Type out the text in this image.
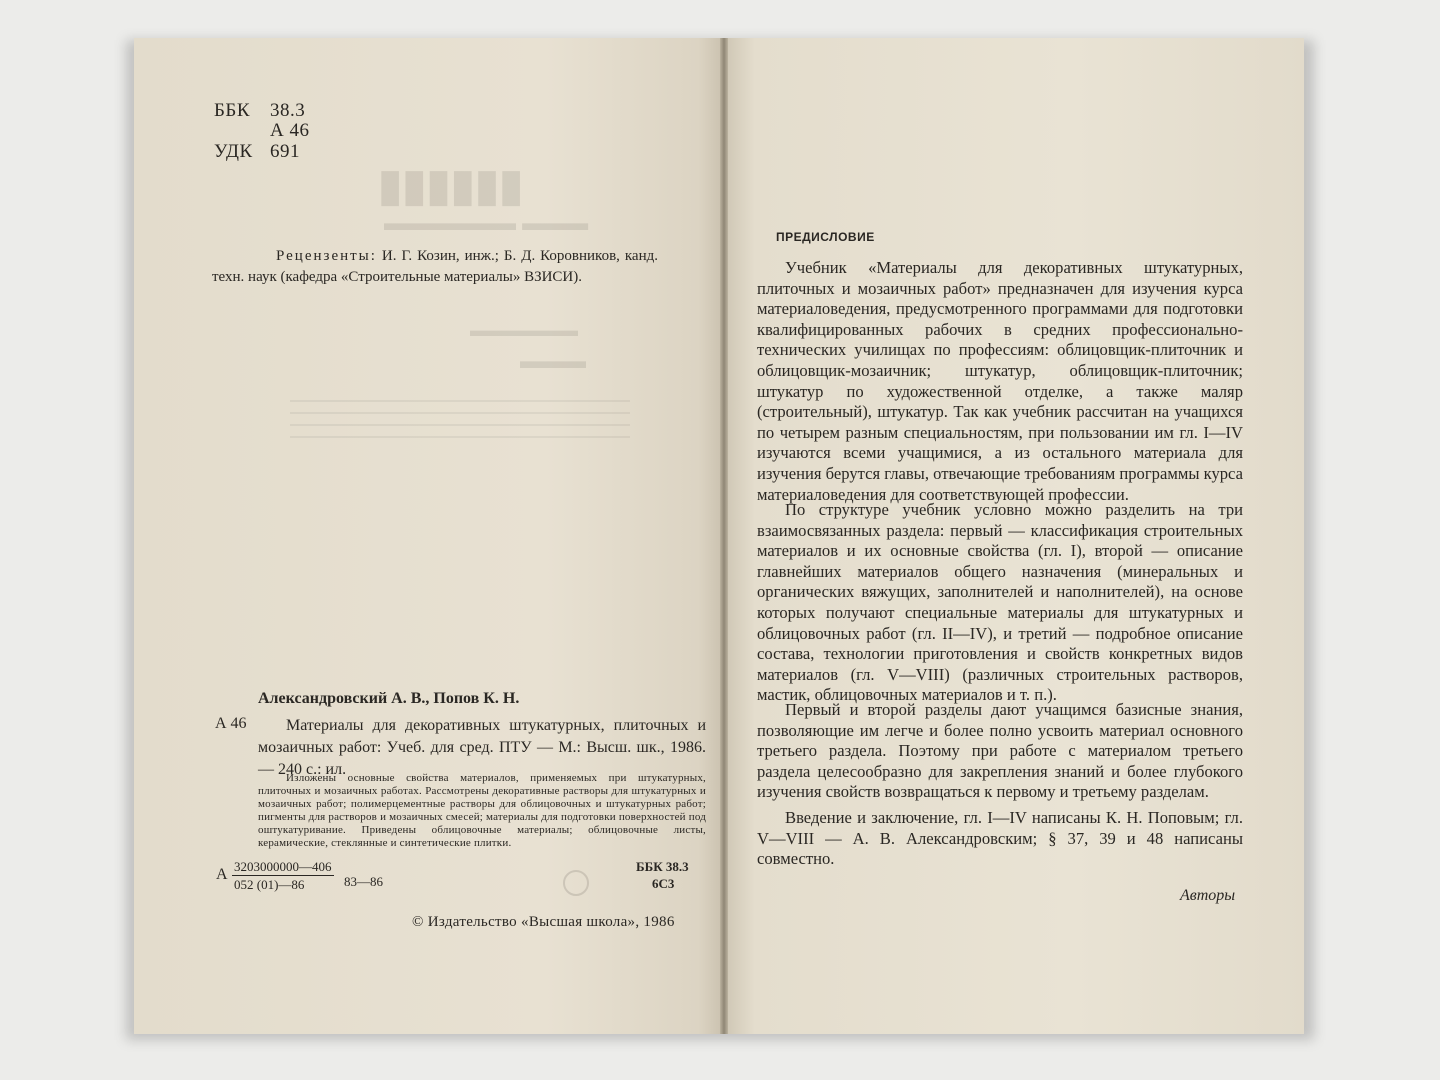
▮▮▮▮▮▮
▬▬▬ ▬▬▬▬▬▬
▬▬▬▬▬▬
▬▬▬
ББК 38.3
А 46
УДК 691
Рецензенты: И. Г. Козин, инж.; Б. Д. Коровников, канд. техн. наук (кафедра «Строительные материалы» ВЗИСИ).
Александровский А. В., Попов К. Н.
А 46	Материалы для декоративных штукатурных, плиточных и мозаичных работ: Учеб. для сред. ПТУ — М.: Высш. шк., 1986.— 240 с.: ил.
Изложены основные свойства материалов, применяемых при штукатурных, плиточных и мозаичных работах. Рассмотрены декоративные растворы для штукатурных и мозаичных работ; полимерцементные растворы для облицовочных и штукатурных работ; пигменты для растворов и мозаичных смесей; материалы для подготовки поверхностей под оштукатуривание. Приведены облицовочные материалы; облицовочные листы, керамические, стеклянные и синтетические плитки.
А $\frac{3203000000—406}{052 (01)—86}$ 83—86
ББК 38.3
6С3
© Издательство «Высшая школа», 1986
ПРЕДИСЛОВИЕ

Учебник «Материалы для декоративных штукатурных, плиточных и мозаичных работ» предназначен для изучения курса материаловедения, предусмотренного программами для подготовки квалифицированных рабочих в средних профессионально-технических училищах по профессиям: облицовщик-плиточник и облицовщик-мозаичник; штукатур, облицовщик-плиточник; штукатур по художественной отделке, а также маляр (строительный), штукатур. Так как учебник рассчитан на учащихся по четырем разным специальностям, при пользовании им гл. I—IV изучаются всеми учащимися, а из остального материала для изучения берутся главы, отвечающие требованиям программы курса материаловедения для соответствующей профессии.

По структуре учебник условно можно разделить на три взаимосвязанных раздела: первый — классификация строительных материалов и их основные свойства (гл. I), второй — описание главнейших материалов общего назначения (минеральных и органических вяжущих, заполнителей и наполнителей), на основе которых получают специальные материалы для штукатурных и облицовочных работ (гл. II—IV), и третий — подробное описание состава, технологии приготовления и свойств конкретных видов материалов (гл. V—VIII) (различных строительных растворов, мастик, облицовочных материалов и т. п.).

Первый и второй разделы дают учащимся базисные знания, позволяющие им легче и более полно усвоить материал основного третьего раздела. Поэтому при работе с материалом третьего раздела целесообразно для закрепления знаний и более глубокого изучения свойств возвращаться к первому и третьему разделам.

Введение и заключение, гл. I—IV написаны К. Н. Поповым; гл. V—VIII — А. В. Александровским; § 37, 39 и 48 написаны совместно.

Авторы
